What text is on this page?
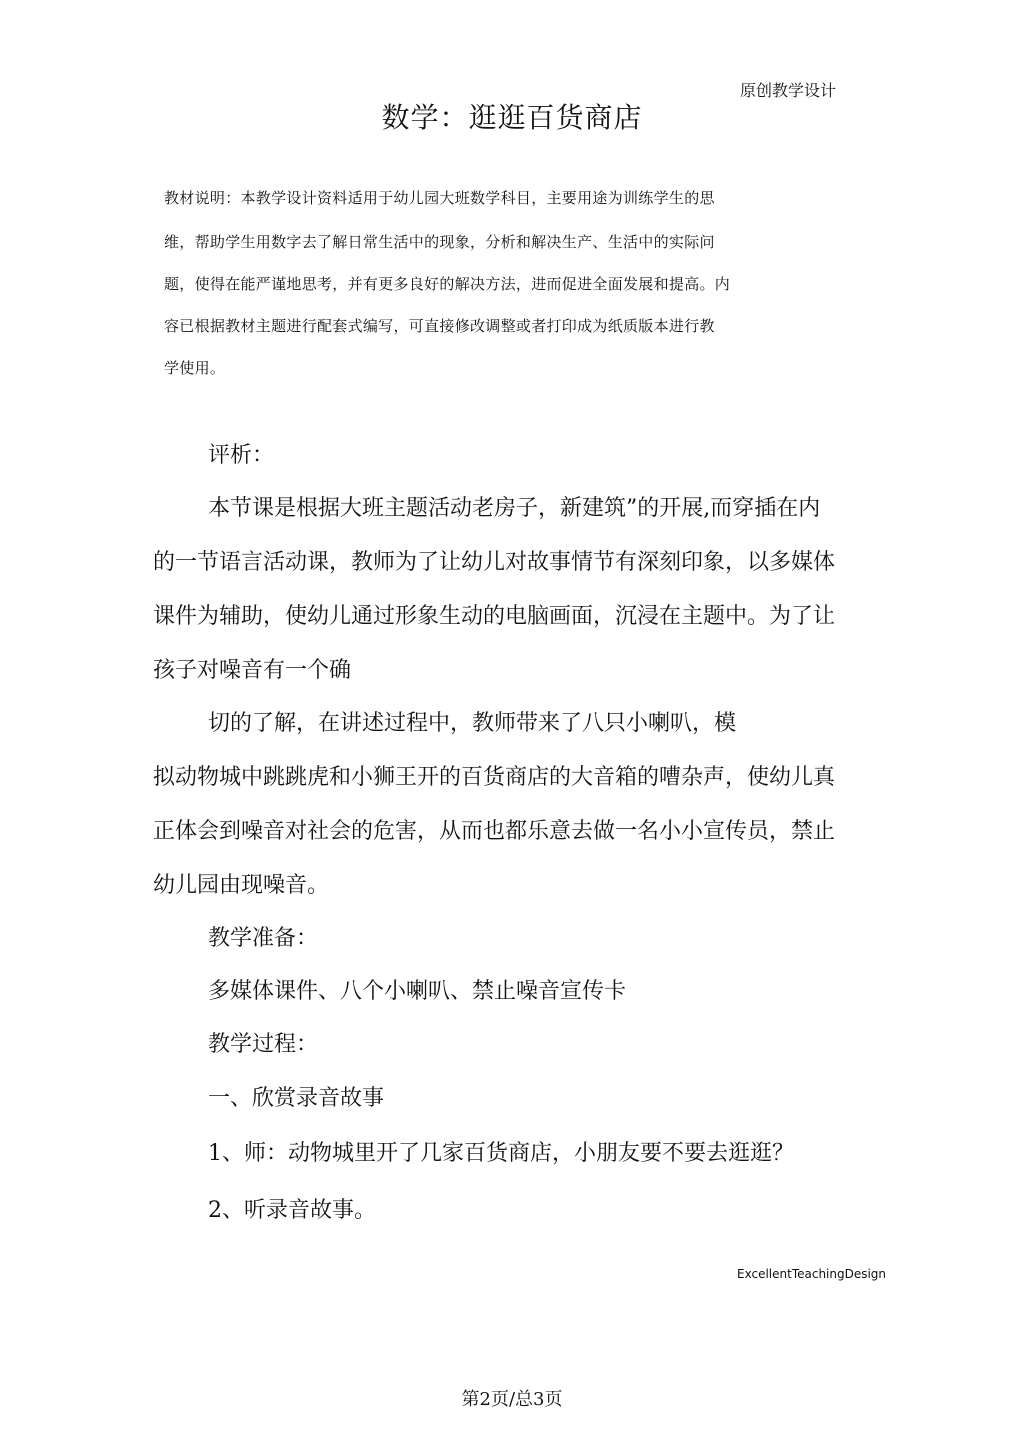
原创教学设计
数学：逛逛百货商店
教材说明：本教学设计资料适用于幼儿园大班数学科目，主要用途为训练学生的思
维，帮助学生用数字去了解日常生活中的现象，分析和解决生产、生活中的实际问
题，使得在能严谨地思考，并有更多良好的解决方法，进而促进全面发展和提高。内
容已根据教材主题进行配套式编写，可直接修改调整或者打印成为纸质版本进行教
学使用。
评析：
本节课是根据大班主题活动老房子，新建筑”的开展,而穿插在内
的一节语言活动课，教师为了让幼儿对故事情节有深刻印象，以多媒体
课件为辅助，使幼儿通过形象生动的电脑画面，沉浸在主题中。为了让
孩子对噪音有一个确
切的了解，在讲述过程中，教师带来了八只小喇叭，模
拟动物城中跳跳虎和小狮王开的百货商店的大音箱的嘈杂声，使幼儿真
正体会到噪音对社会的危害，从而也都乐意去做一名小小宣传员，禁止
幼儿园由现噪音。
教学准备：
多媒体课件、八个小喇叭、禁止噪音宣传卡
教学过程：
一、欣赏录音故事
1、师：动物城里开了几家百货商店，小朋友要不要去逛逛？
2、听录音故事。
ExcellentTeachingDesign
第2页/总3页
